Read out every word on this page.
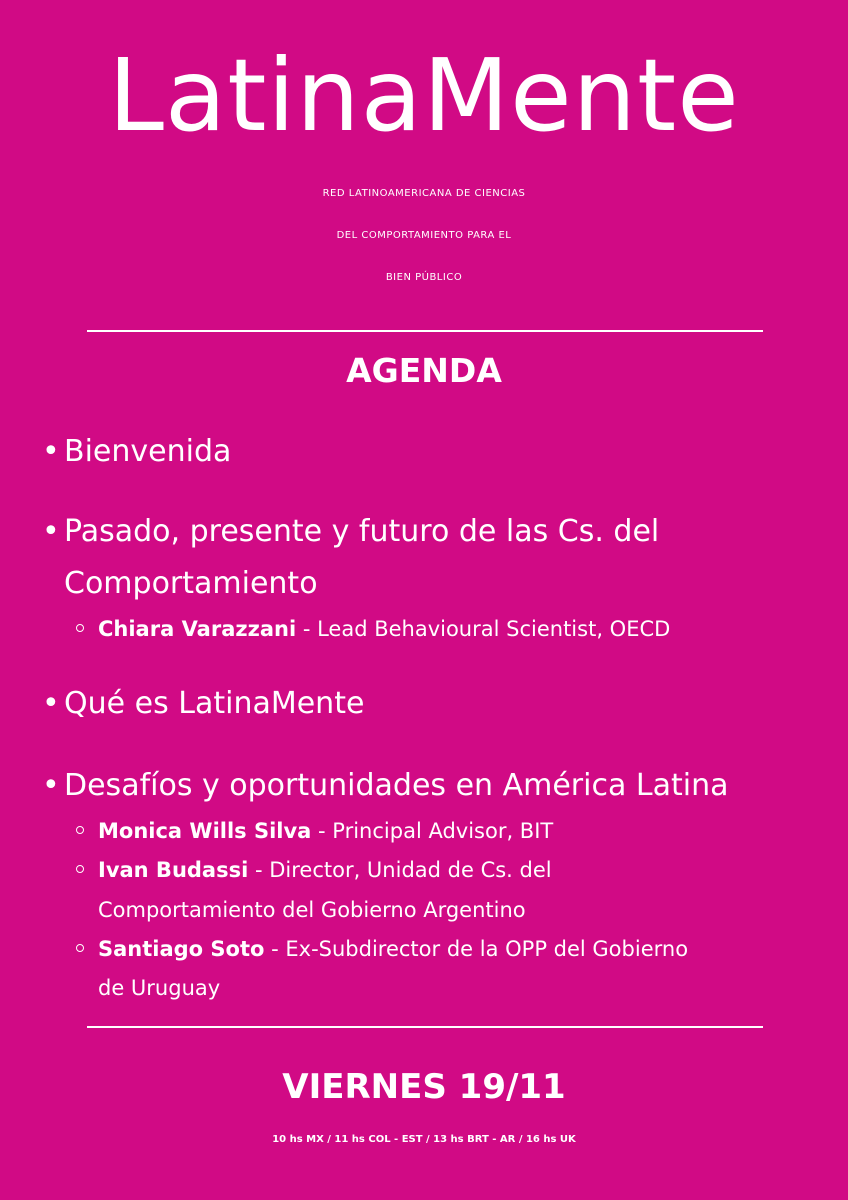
LatinaMente
RED LATINOAMERICANA DE CIENCIAS
DEL COMPORTAMIENTO PARA EL
BIEN PÚBLICO
AGENDA
• Bienvenida
• Pasado, presente y futuro de las Cs. del
Comportamiento
Chiara Varazzani - Lead Behavioural Scientist, OECD
• Qué es LatinaMente
• Desafíos y oportunidades en América Latina
Monica Wills Silva - Principal Advisor, BIT
Ivan Budassi - Director, Unidad de Cs. del
Comportamiento del Gobierno Argentino
Santiago Soto - Ex-Subdirector de la OPP del Gobierno
de Uruguay
VIERNES 19/11
10 hs MX / 11 hs COL - EST / 13 hs BRT - AR / 16 hs UK
